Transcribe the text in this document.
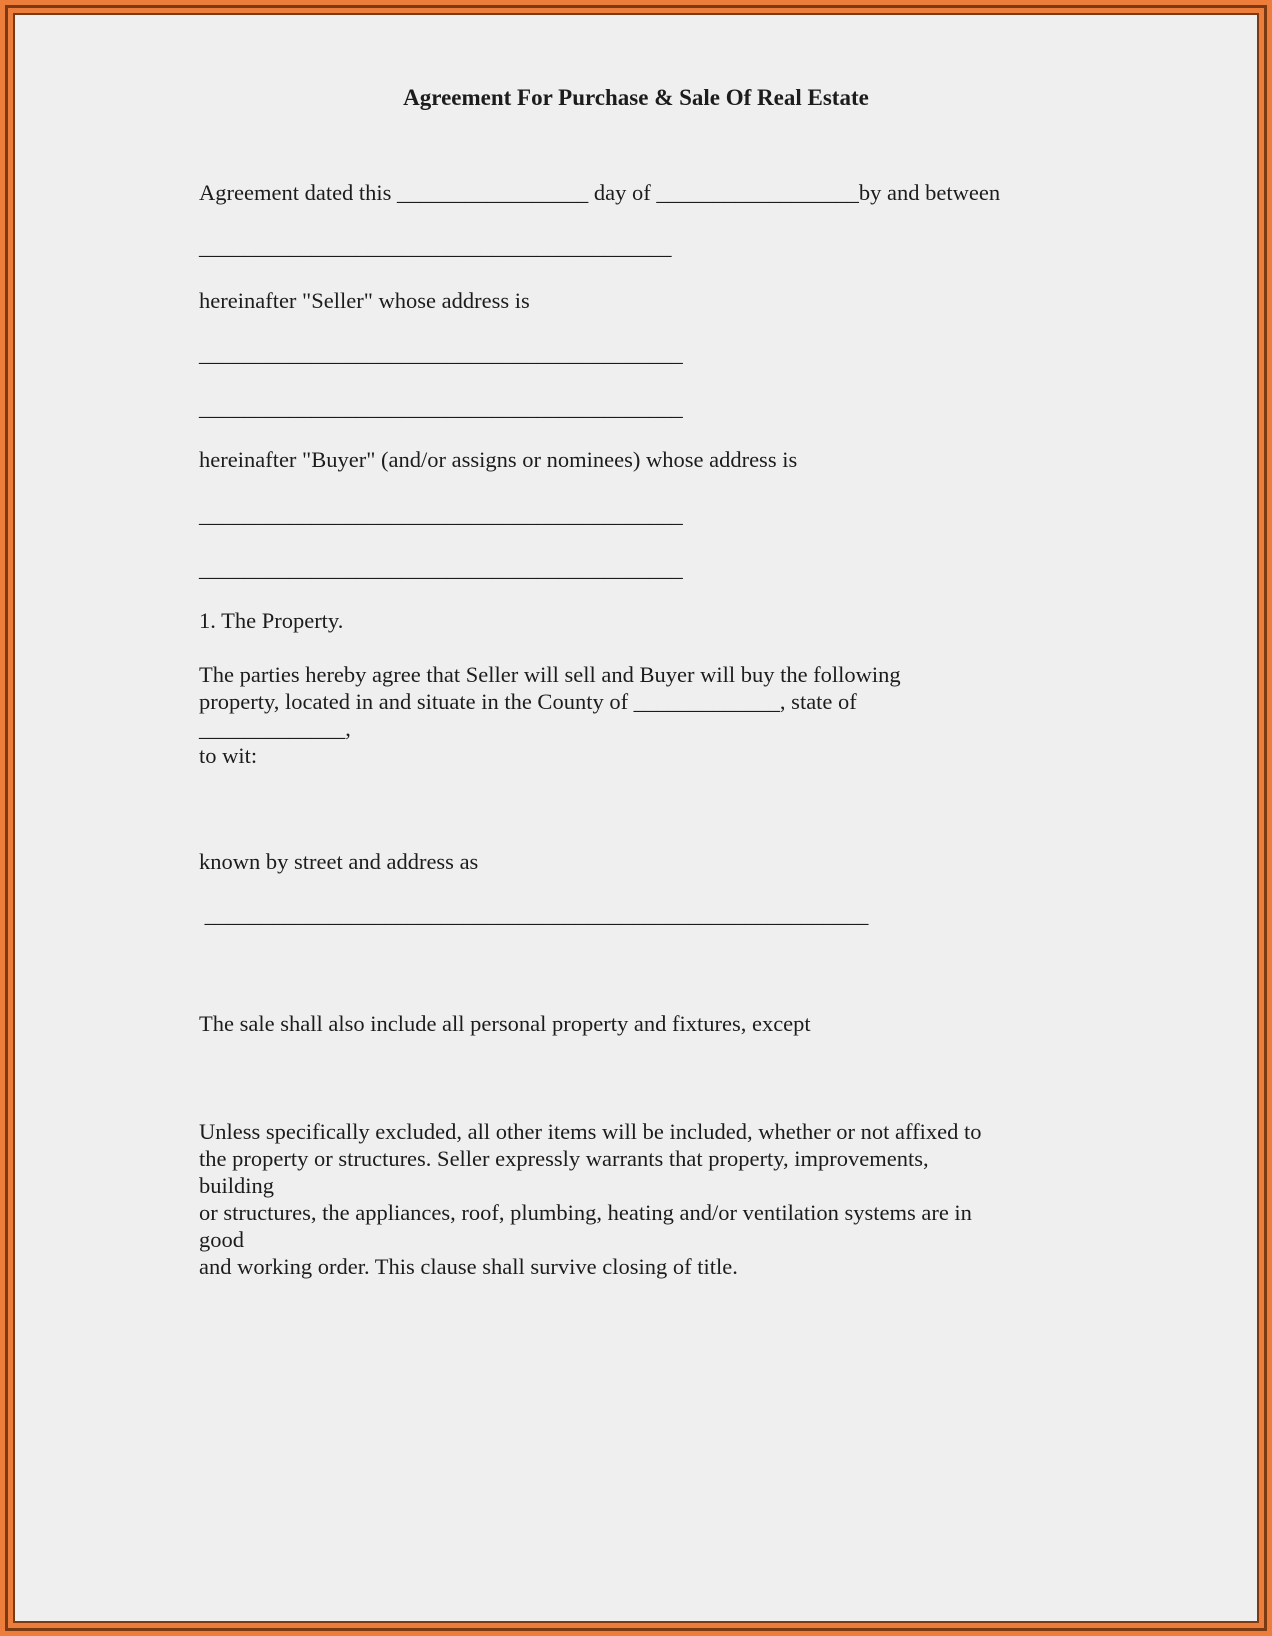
Agreement For Purchase & Sale Of Real Estate
Agreement dated this _________________ day of __________________by and between
__________________________________________
hereinafter "Seller" whose address is
___________________________________________
___________________________________________
hereinafter "Buyer" (and/or assigns or nominees) whose address is
___________________________________________
___________________________________________
1. The Property.
The parties hereby agree that Seller will sell and Buyer will buy the following
property, located in and situate in the County of _____________, state of
_____________,
to wit:
known by street and address as
___________________________________________________________
The sale shall also include all personal property and fixtures, except
Unless specifically excluded, all other items will be included, whether or not affixed to
the property or structures. Seller expressly warrants that property, improvements,
building
or structures, the appliances, roof, plumbing, heating and/or ventilation systems are in
good
and working order. This clause shall survive closing of title.
